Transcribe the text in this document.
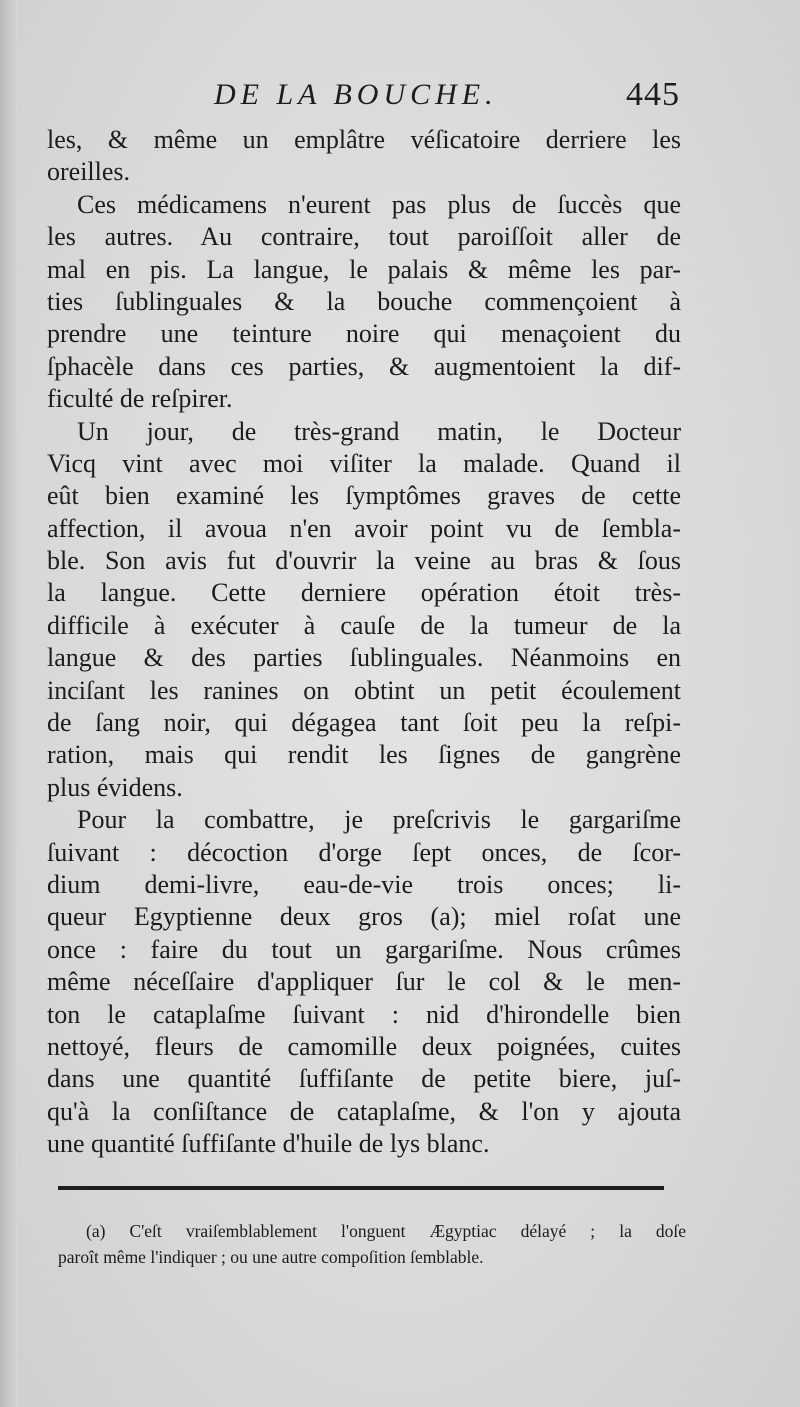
DE LA BOUCHE.	445
les, & même un emplâtre véſicatoire derriere les
oreilles.
Ces médicamens n'eurent pas plus de ſuccès que
les autres. Au contraire, tout paroiſſoit aller de
mal en pis. La langue, le palais & même les par-
ties ſublinguales & la bouche commençoient à
prendre une teinture noire qui menaçoient du
ſphacèle dans ces parties, & augmentoient la dif-
ficulté de reſpirer.
Un jour, de très-grand matin, le Docteur
Vicq vint avec moi viſiter la malade. Quand il
eût bien examiné les ſymptômes graves de cette
affection, il avoua n'en avoir point vu de ſembla-
ble. Son avis fut d'ouvrir la veine au bras & ſous
la langue. Cette derniere opération étoit très-
difficile à exécuter à cauſe de la tumeur de la
langue & des parties ſublinguales. Néanmoins en
inciſant les ranines on obtint un petit écoulement
de ſang noir, qui dégagea tant ſoit peu la reſpi-
ration, mais qui rendit les ſignes de gangrène
plus évidens.
Pour la combattre, je preſcrivis le gargariſme
ſuivant : décoction d'orge ſept onces, de ſcor-
dium demi-livre, eau-de-vie trois onces; li-
queur Egyptienne deux gros (a); miel roſat une
once : faire du tout un gargariſme. Nous crûmes
même néceſſaire d'appliquer ſur le col & le men-
ton le cataplaſme ſuivant : nid d'hirondelle bien
nettoyé, fleurs de camomille deux poignées, cuites
dans une quantité ſuffiſante de petite biere, juſ-
qu'à la conſiſtance de cataplaſme, & l'on y ajouta
une quantité ſuffiſante d'huile de lys blanc.
(a) C'eſt vraiſemblablement l'onguent Ægyptiac délayé ; la doſe
paroît même l'indiquer ; ou une autre compoſition ſemblable.
